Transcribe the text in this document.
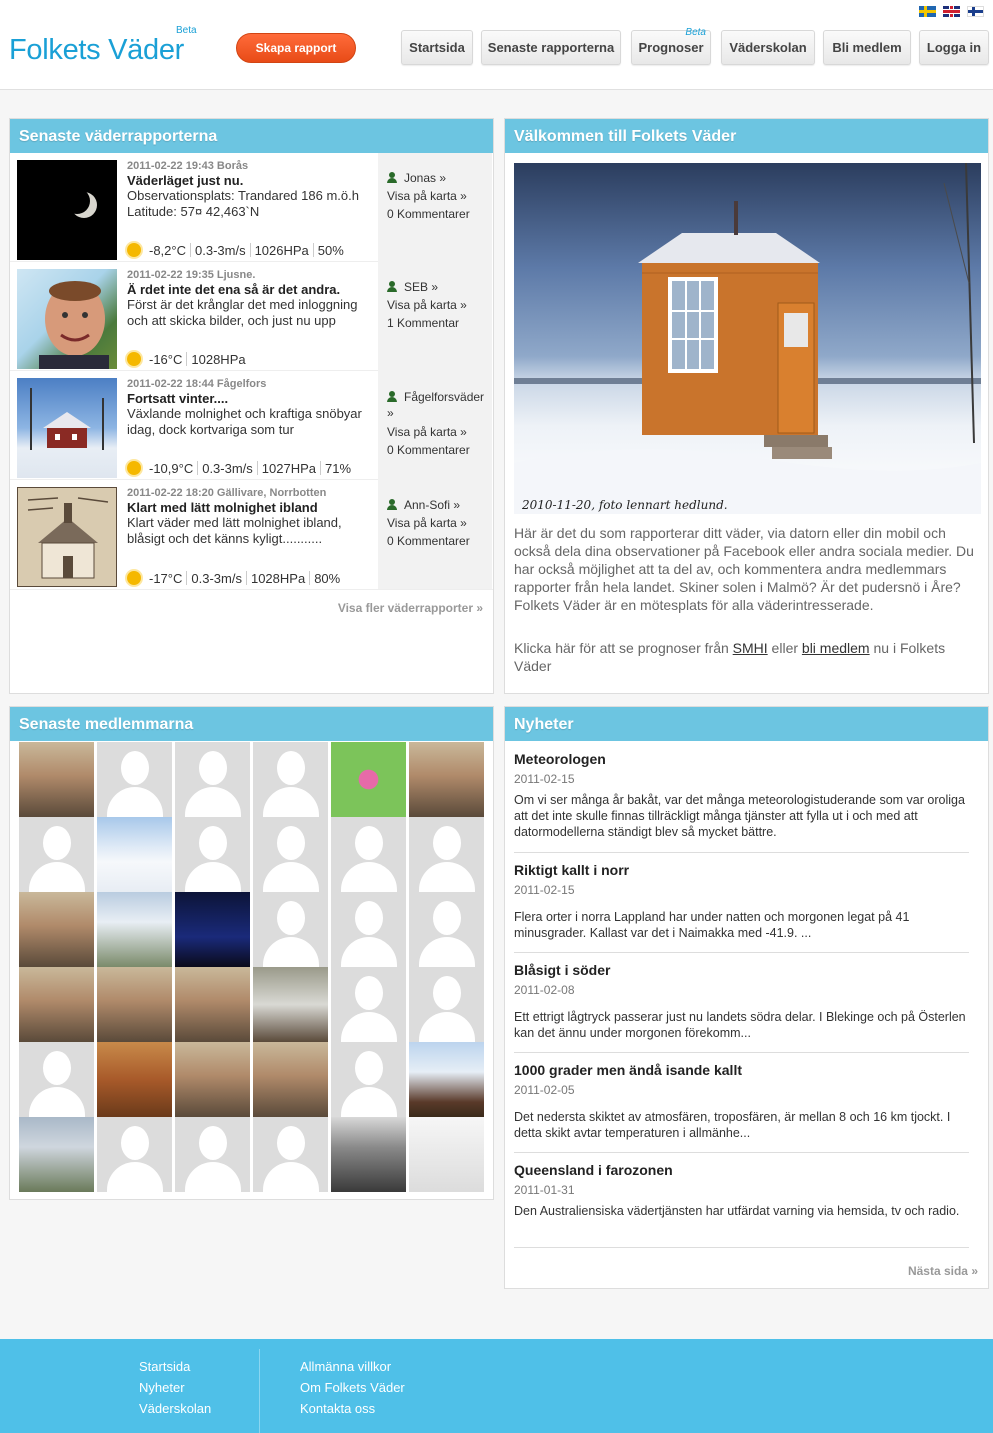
Folkets Väder
Beta
Skapa rapport	Startsida	Senaste rapporterna	Prognoser
Beta
Väderskolan	Bli medlem	Logga in
Senaste väderrapporterna
2011-02-22 19:43 Borås
Väderläget just nu.
Observationsplats: Trandared 186 m.ö.h Latitude: 57¤ 42,463`N
-8,2°C 0.3-3m/s 1026HPa 50%
Jonas »
Visa på karta »
0 Kommentarer
2011-02-22 19:35 Ljusne.
Ä rdet inte det ena så är det andra.
Först är det krånglar det med inloggning och att skicka bilder, och just nu upp
-16°C 1028HPa
SEB »
Visa på karta »
1 Kommentar
2011-02-22 18:44 Fågelfors
Fortsatt vinter....
Växlande molnighet och kraftiga snöbyar idag, dock kortvariga som tur
-10,9°C 0.3-3m/s 1027HPa 71%
Fågelforsväder »
Visa på karta »
0 Kommentarer
2011-02-22 18:20 Gällivare, Norrbotten
Klart med lätt molnighet ibland
Klart väder med lätt molnighet ibland, blåsigt och det känns kyligt...........
-17°C 0.3-3m/s 1028HPa 80%
Ann-Sofi »
Visa på karta »
0 Kommentarer
Visa fler väderrapporter »
Välkommen till Folkets Väder
2010-11-20, foto lennart hedlund.

Här är det du som rapporterar ditt väder, via datorn eller din mobil och också dela dina observationer på Facebook eller andra sociala medier. Du har också möjlighet att ta del av, och kommentera andra medlemmars rapporter från hela landet. Skiner solen i Malmö? Är det pudersnö i Åre? Folkets Väder är en mötesplats för alla väderintresserade.

Klicka här för att se prognoser från SMHI eller bli medlem nu i Folkets Väder

Senaste medlemmarna	Nyheter
Meteorologen
2011-02-15
Om vi ser många år bakåt, var det många meteorologistuderande som var oroliga att det inte skulle finnas tillräckligt många tjänster att fylla ut i och med att datormodellerna ständigt blev så mycket bättre.
Riktigt kallt i norr
2011-02-15
Flera orter i norra Lappland har under natten och morgonen legat på 41 minusgrader. Kallast var det i Naimakka med -41.9. ...
Blåsigt i söder
2011-02-08
Ett ettrigt lågtryck passerar just nu landets södra delar. I Blekinge och på Österlen kan det ännu under morgonen förekomm...
1000 grader men ändå isande kallt
2011-02-05
Det nedersta skiktet av atmosfären, troposfären, är mellan 8 och 16 km tjockt. I detta skikt avtar temperaturen i allmänhe...
Queensland i farozonen
2011-01-31
Den Australiensiska vädertjänsten har utfärdat varning via hemsida, tv och radio.
Nästa sida »
Startsida
Nyheter
Väderskolan
Allmänna villkor
Om Folkets Väder
Kontakta oss
